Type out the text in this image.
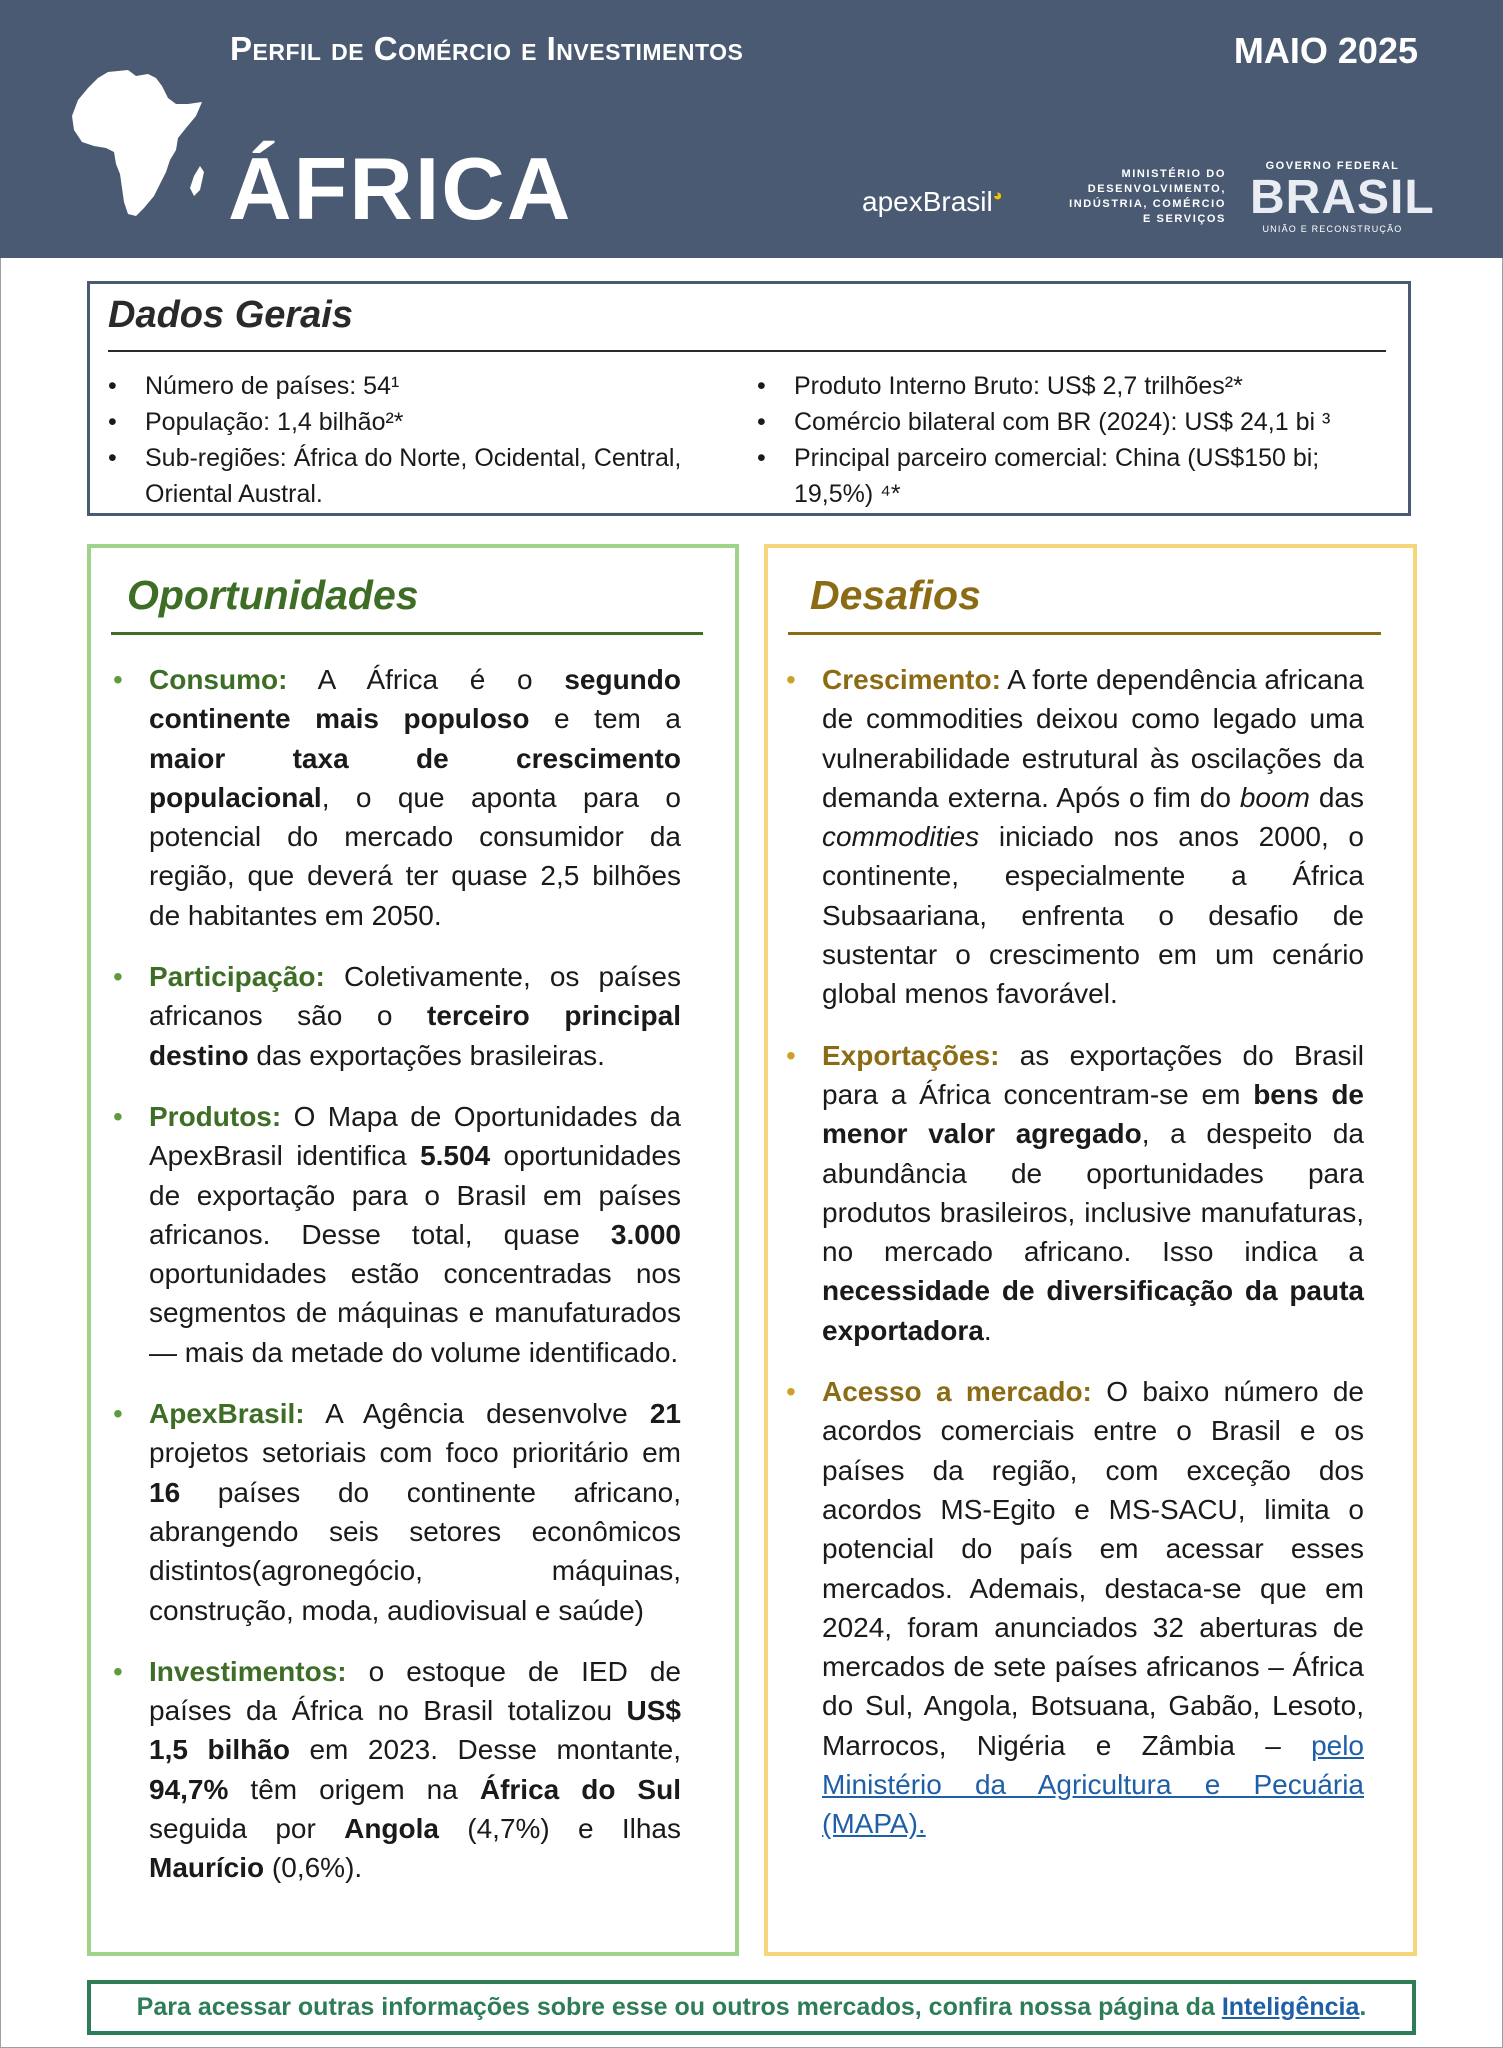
Perfil de Comércio e Investimentos	MAIO 2025
ÁFRICA	apexBrasil◕
MINISTÉRIO DO
DESENVOLVIMENTO,
INDÚSTRIA, COMÉRCIO
E SERVIÇOS
GOVERNO FEDERAL
BRASIL
UNIÃO E RECONSTRUÇÃO
Dados Gerais
• Número de países: 54¹
• População: 1,4 bilhão²*
• Sub-regiões: África do Norte, Ocidental, Central, Oriental Austral.
• Produto Interno Bruto: US$ 2,7 trilhões²*
• Comércio bilateral com BR (2024): US$ 24,1 bi ³
• Principal parceiro comercial: China (US$150 bi; 19,5%) ⁴*
Oportunidades
• Consumo: A África é o segundo continente mais populoso e tem a maior taxa de crescimento populacional, o que aponta para o potencial do mercado consumidor da região, que deverá ter quase 2,5 bilhões de habitantes em 2050.
• Participação: Coletivamente, os países africanos são o terceiro principal destino das exportações brasileiras.
• Produtos: O Mapa de Oportunidades da ApexBrasil identifica 5.504 oportunidades de exportação para o Brasil em países africanos. Desse total, quase 3.000 oportunidades estão concentradas nos segmentos de máquinas e manufaturados — mais da metade do volume identificado.
• ApexBrasil: A Agência desenvolve 21 projetos setoriais com foco prioritário em 16 países do continente africano, abrangendo seis setores econômicos distintos(agronegócio, máquinas, construção, moda, audiovisual e saúde)
• Investimentos: o estoque de IED de países da África no Brasil totalizou US$ 1,5 bilhão em 2023. Desse montante, 94,7% têm origem na África do Sul seguida por Angola (4,7%) e Ilhas Maurício (0,6%).
Desafios
• Crescimento: A forte dependência africana de commodities deixou como legado uma vulnerabilidade estrutural às oscilações da demanda externa. Após o fim do boom das commodities iniciado nos anos 2000, o continente, especialmente a África Subsaariana, enfrenta o desafio de sustentar o crescimento em um cenário global menos favorável.
• Exportações: as exportações do Brasil para a África concentram-se em bens de menor valor agregado, a despeito da abundância de oportunidades para produtos brasileiros, inclusive manufaturas, no mercado africano. Isso indica a necessidade de diversificação da pauta exportadora.
• Acesso a mercado: O baixo número de acordos comerciais entre o Brasil e os países da região, com exceção dos acordos MS-Egito e MS-SACU, limita o potencial do país em acessar esses mercados. Ademais, destaca-se que em 2024, foram anunciados 32 aberturas de mercados de sete países africanos – África do Sul, Angola, Botsuana, Gabão, Lesoto, Marrocos, Nigéria e Zâmbia – pelo Ministério da Agricultura e Pecuária (MAPA).
Para acessar outras informações sobre esse ou outros mercados, confira nossa página da Inteligência .
